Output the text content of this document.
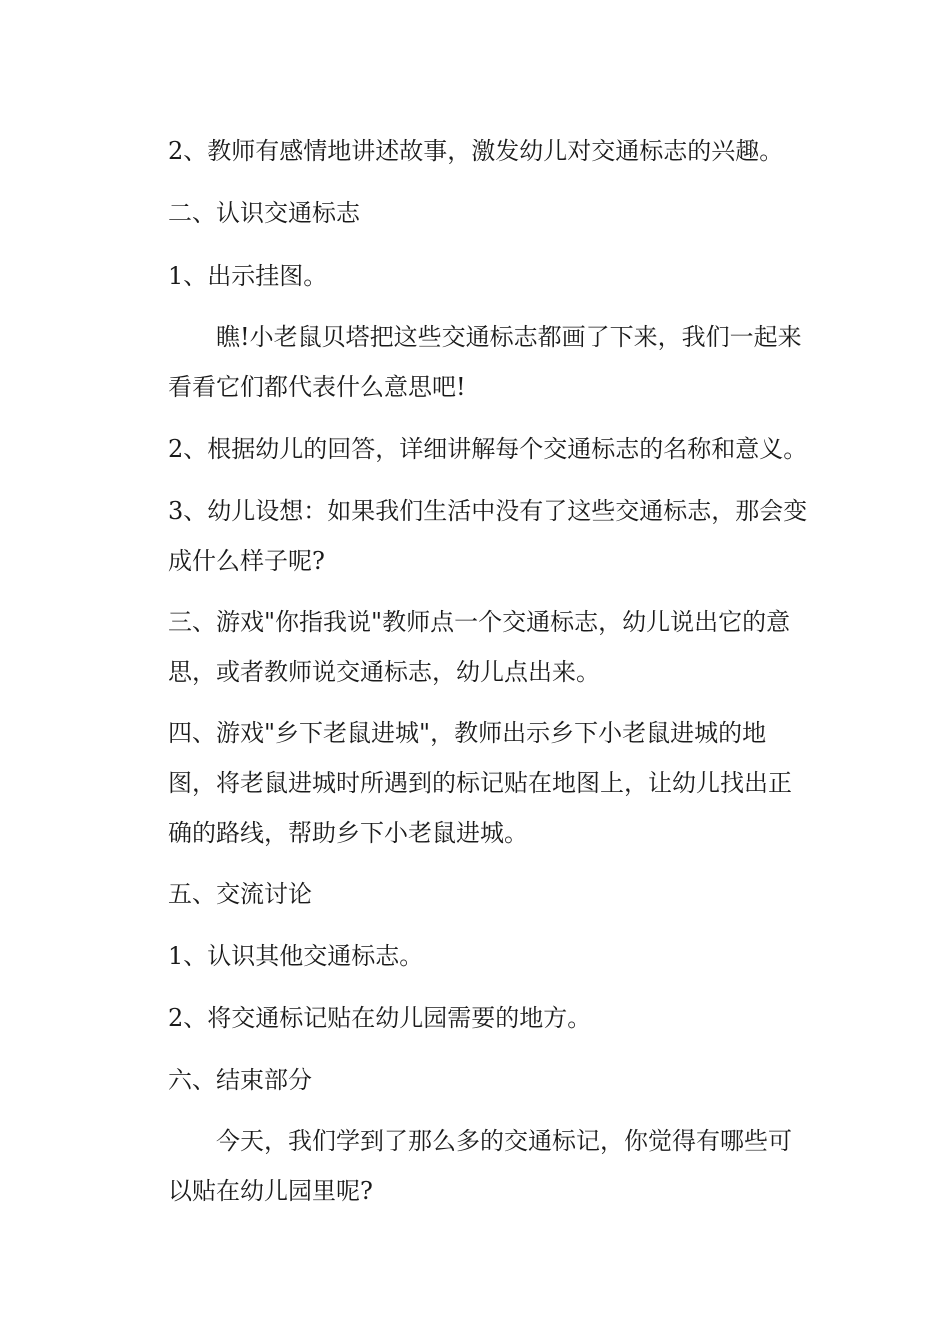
2、教师有感情地讲述故事，激发幼儿对交通标志的兴趣。

二、认识交通标志

1、出示挂图。

瞧!小老鼠贝塔把这些交通标志都画了下来，我们一起来看看它们都代表什么意思吧!

2、根据幼儿的回答，详细讲解每个交通标志的名称和意义。

3、幼儿设想：如果我们生活中没有了这些交通标志，那会变成什么样子呢?

三、游戏"你指我说"教师点一个交通标志，幼儿说出它的意思，或者教师说交通标志，幼儿点出来。

四、游戏"乡下老鼠进城"，教师出示乡下小老鼠进城的地图，将老鼠进城时所遇到的标记贴在地图上，让幼儿找出正确的路线，帮助乡下小老鼠进城。

五、交流讨论

1、认识其他交通标志。

2、将交通标记贴在幼儿园需要的地方。

六、结束部分

今天，我们学到了那么多的交通标记，你觉得有哪些可以贴在幼儿园里呢?
